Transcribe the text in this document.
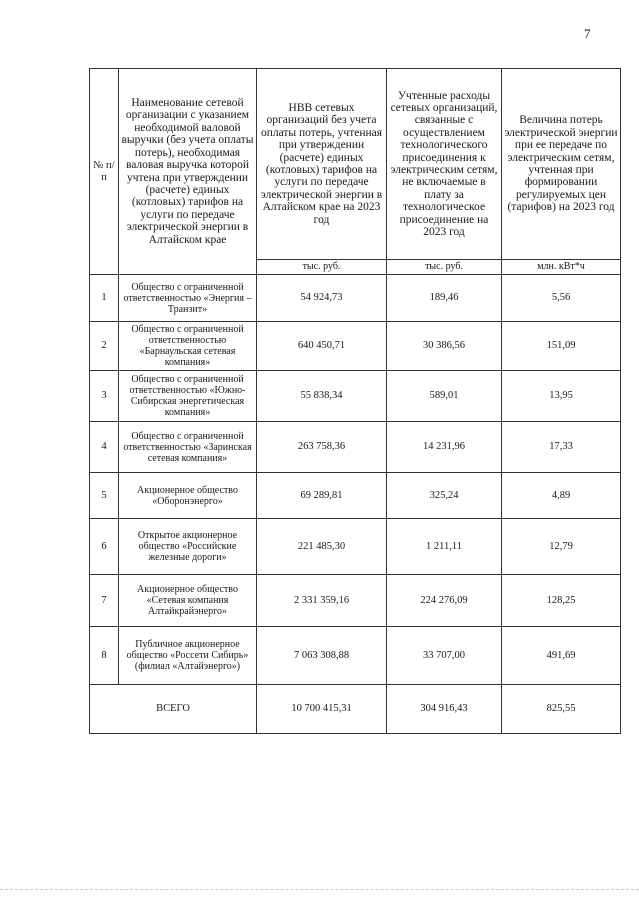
7
№ п/п	Наименование сетевой организации с указанием необходимой валовой выручки (без учета оплаты потерь), необходимая валовая выручка которой учтена при утверждении (расчете) единых (котловых) тарифов на услуги по передаче электрической энергии в Алтайском крае	НВВ сетевых организаций без учета оплаты потерь, учтенная при утверждении (расчете) единых (котловых) тарифов на услуги по передаче электрической энергии в Алтайском крае на 2023 год	Учтенные расходы сетевых организаций, связанные с осуществлением технологического присоединения к электрическим сетям, не включаемые в плату за технологическое присоединение на 2023 год	Величина потерь электрической энергии при ее передаче по электрическим сетям, учтенная при формировании регулируемых цен (тарифов) на 2023 год
		тыс. руб.	тыс. руб.	млн. кВт*ч
1	Общество с ограниченной ответственностью «Энергия – Транзит»	54 924,73	189,46	5,56
2	Общество с ограниченной ответственностью «Барнаульская сетевая компания»	640 450,71	30 386,56	151,09
3	Общество с ограниченной ответственностью «Южно-Сибирская энергетическая компания»	55 838,34	589,01	13,95
4	Общество с ограниченной ответственностью «Заринская сетевая компания»	263 758,36	14 231,96	17,33
5	Акционерное общество «Оборонэнерго»	69 289,81	325,24	4,89
6	Открытое акционерное общество «Российские железные дороги»	221 485,30	1 211,11	12,79
7	Акционерное общество «Сетевая компания Алтайкрайэнерго»	2 331 359,16	224 276,09	128,25
8	Публичное акционерное общество «Россети Сибирь» (филиал «Алтайэнерго»)	7 063 308,88	33 707,00	491,69
ВСЕГО		10 700 415,31	304 916,43	825,55
